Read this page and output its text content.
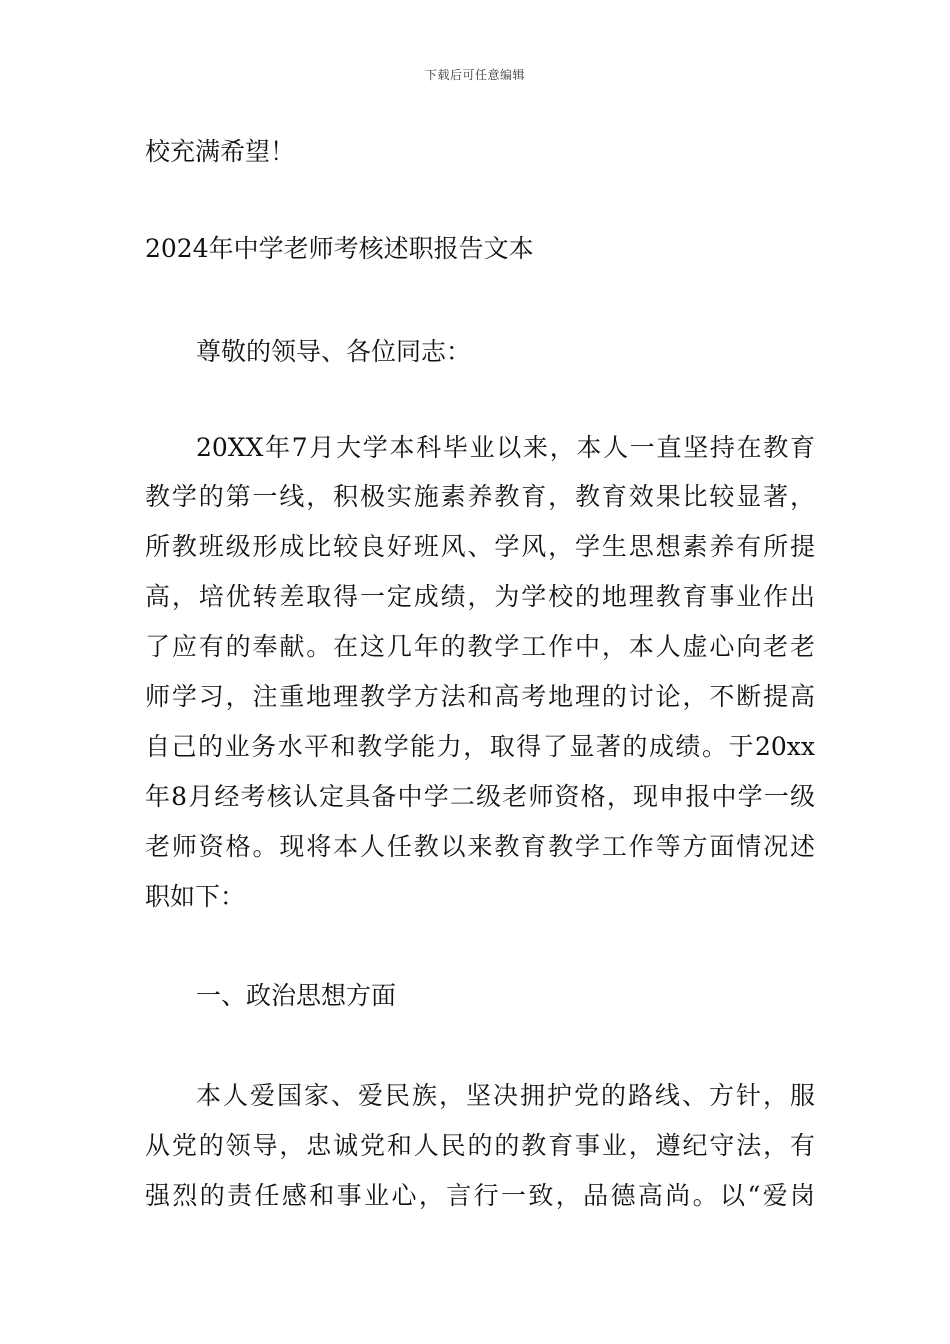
下载后可任意编辑
校充满希望！
2024年中学老师考核述职报告文本
尊敬的领导、各位同志：
20XX年7月大学本科毕业以来，本人一直坚持在教育
教学的第一线，积极实施素养教育，教育效果比较显著，
所教班级形成比较良好班风、学风，学生思想素养有所提
高，培优转差取得一定成绩，为学校的地理教育事业作出
了应有的奉献。在这几年的教学工作中，本人虚心向老老
师学习，注重地理教学方法和高考地理的讨论，不断提高
自己的业务水平和教学能力，取得了显著的成绩。于20xx
年8月经考核认定具备中学二级老师资格，现申报中学一级
老师资格。现将本人任教以来教育教学工作等方面情况述
职如下：
一、政治思想方面
本人爱国家、爱民族，坚决拥护党的路线、方针，服
从党的领导，忠诚党和人民的的教育事业，遵纪守法，有
强烈的责任感和事业心，言行一致，品德高尚。以“爱岗
